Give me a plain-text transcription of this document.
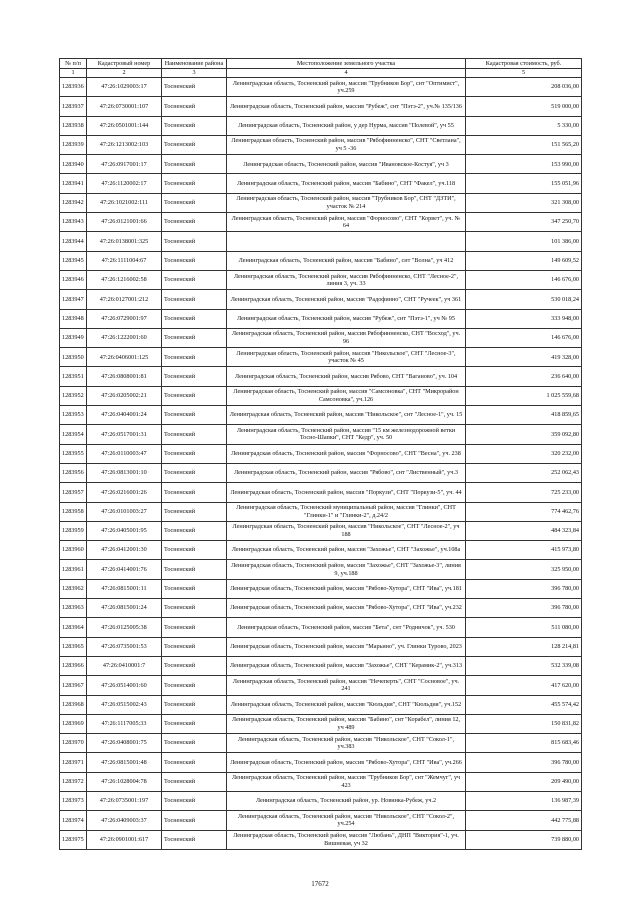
№ п/п	Кадастровый номер	Наименование района	Местоположение земельного участка	Кадастровая стоимость, руб.
1	2	3	4	5
1283936	47:26:1029003:17	Тосненский	Ленинградская область, Тосненский район, массив "Трубников Бор", снт "Оптимист", уч.259	208 036,00
1283937	47:26:0730001:107	Тосненский	Ленинградская область, Тосненский район, массив "Рубеж", снт "Пэтэ-2", уч.№ 135/136	519 000,00
1283938	47:26:0501001:144	Тосненский	Ленинградская область, Тосненский район, у дер Нурма, массив "Полевой", уч 55	5 330,00
1283939	47:26:1213002:103	Тосненский	Ленинградская область, Тосненский район, массив "Рябофинненско", СНТ "Светлана", уч 5 -36	151 565,20
1283940	47:26:0917001:17	Тосненский	Ленинградская область, Тосненский район, массив "Ивановское-Костуя", уч 3	153 990,00
1283941	47:26:1120002:17	Тосненский	Ленинградская область, Тосненский район, массив "Бабино", СНТ "Факел", уч.118	155 051,96
1283942	47:26:1021002:111	Тосненский	Ленинградская область, Тосненский район, массив "Трубников Бор", СНТ "ДЗТИ", участок № 214	321 308,00
1283943	47:26:0121001:66	Тосненский	Ленинградская область, Тосненский район, массив "Форносово", СНТ "Корвет", уч. № 64	347 250,70
1283944	47:26:0138001:325	Тосненский		101 386,00
1283945	47:26:1111004:67	Тосненский	Ленинградская область, Тосненский район, массив "Бабино", снт "Волна", уч 412	149 609,52
1283946	47:26:1216002:58	Тосненский	Ленинградская область, Тосненский район, массив Рябофинненско, СНТ "Лесное-2", линия 3, уч. 33	146 676,00
1283947	47:26:0127001:212	Тосненский	Ленинградская область, Тосненский район, массив "Радофинно", СНТ "Ручеек", уч 361	530 018,24
1283948	47:26:0729001:97	Тосненский	Ленинградская область, Тосненский район, массив "Рубеж", снт "Пэтэ-1", уч № 95	333 948,00
1283949	47:26:1222001:60	Тосненский	Ленинградская область, Тосненский район, массив Рябофинненско, СНТ "Восход", уч. 96	146 676,00
1283950	47:26:0406001:125	Тосненский	Ленинградская область, Тосненский район, массив "Никольское", СНТ "Лесное-3", участок № 45	419 328,00
1283951	47:26:0808001:81	Тосненский	Ленинградская область, Тосненский район, массив Рябово, СНТ "Ваганово", уч. 104	236 640,00
1283952	47:26:0205002:21	Тосненский	Ленинградская область, Тосненский район, массив "Самсоновка", СНТ "Микрорайон Самсоновка", уч.126	1 025 559,68
1283953	47:26:0404001:24	Тосненский	Ленинградская область, Тосненский район, массив "Никольское", снт "Лесное-1", уч. 15	418 859,65
1283954	47:26:0517001:31	Тосненский	Ленинградская область, Тосненский район, массив "15 км железнодорожной ветки Тосно-Шапки", СНТ "Кедр", уч. 50	359 092,80
1283955	47:26:0110003:47	Тосненский	Ленинградская область, Тосненский район, массив "Форносово", СНТ "Весна", уч. 238	320 232,00
1283956	47:26:0813001:10	Тосненский	Ленинградская область, Тосненский район, массив "Рябово", снт "Лиственный", уч.3	252 062,43
1283957	47:26:0216001:26	Тосненский	Ленинградская область, Тосненский район, массив "Поркузи", СНТ "Поркузи-5", уч. 44	725 233,00
1283958	47:26:0101003:27	Тосненский	Ленинградская область, Тосненский муниципальный район, массив "Глинки", СНТ "Глинки-1" и "Глинки-2", д.24/2	774 462,76
1283959	47:26:0405001:95	Тосненский	Ленинградская область, Тосненский район, массив "Никольское", СНТ "Лесное-2", уч 188	484 323,84
1283960	47:26:0412001:30	Тосненский	Ленинградская область, Тосненский район, массив "Захожье", СНТ "Захожье", уч.108а	415 973,80
1283961	47:26:0414001:76	Тосненский	Ленинградская область, Тосненский район, массив "Захожье", СНТ "Захожье-3", линия 9, уч.188	325 950,00
1283962	47:26:0815001:11	Тосненский	Ленинградская область, Тосненский район, массив "Рябово-Хутора", СНТ "Ива", уч.181	396 780,00
1283963	47:26:0815001:24	Тосненский	Ленинградская область, Тосненский район, массив "Рябово-Хутора", СНТ "Ива", уч.232	396 780,00
1283964	47:26:0125005:38	Тосненский	Ленинградская область, Тосненский район, массив "Бета", снт "Родничок", уч. 530	511 080,00
1283965	47:26:0735001:53	Тосненский	Ленинградская область, Тосненский район, массив "Марьино", уч. Глинки Турово, 2023	128 214,81
1283966	47:26:0410001:7	Тосненский	Ленинградская область, Тосненский район, массив "Захожье", СНТ "Керамик-2", уч.313	532 339,08
1283967	47:26:0514001:60	Тосненский	Ленинградская область, Тосненский район, массив "Нечеперть", СНТ "Сосновое", уч. 241	417 620,00
1283968	47:26:0515002:43	Тосненский	Ленинградская область, Тосненский район, массив "Кюльдия", СНТ "Кюльдия", уч.152	455 574,42
1283969	47:26:1117005:33	Тосненский	Ленинградская область, Тосненский район, массив "Бабино", снт "Корабел", линия 12, уч 489	150 831,82
1283970	47:26:0408001:75	Тосненский	Ленинградская область, Тосненский район, массив "Никольское", СНТ "Сокол-1", уч.383	815 683,46
1283971	47:26:0815001:48	Тосненский	Ленинградская область, Тосненский район, массив "Рябово-Хутора", СНТ "Ива", уч.266	396 780,00
1283972	47:26:1028004:78	Тосненский	Ленинградская область, Тосненский район, массив "Трубников Бор", снт "Жемчуг", уч 423	209 490,00
1283973	47:26:0735001:197	Тосненский	Ленинградская область, Тосненский район, ур. Новинка-Рубеж, уч.2	136 987,39
1283974	47:26:0409003:37	Тосненский	Ленинградская область, Тосненский район, массив "Никольское", СНТ "Сокол-2", уч.254	442 775,88
1283975	47:26:0901001:617	Тосненский	Ленинградская область, Тосненский район, массив "Любань", ДНП "Виктория"-1, уч. Вишневая, уч 32	739 880,00
17672
